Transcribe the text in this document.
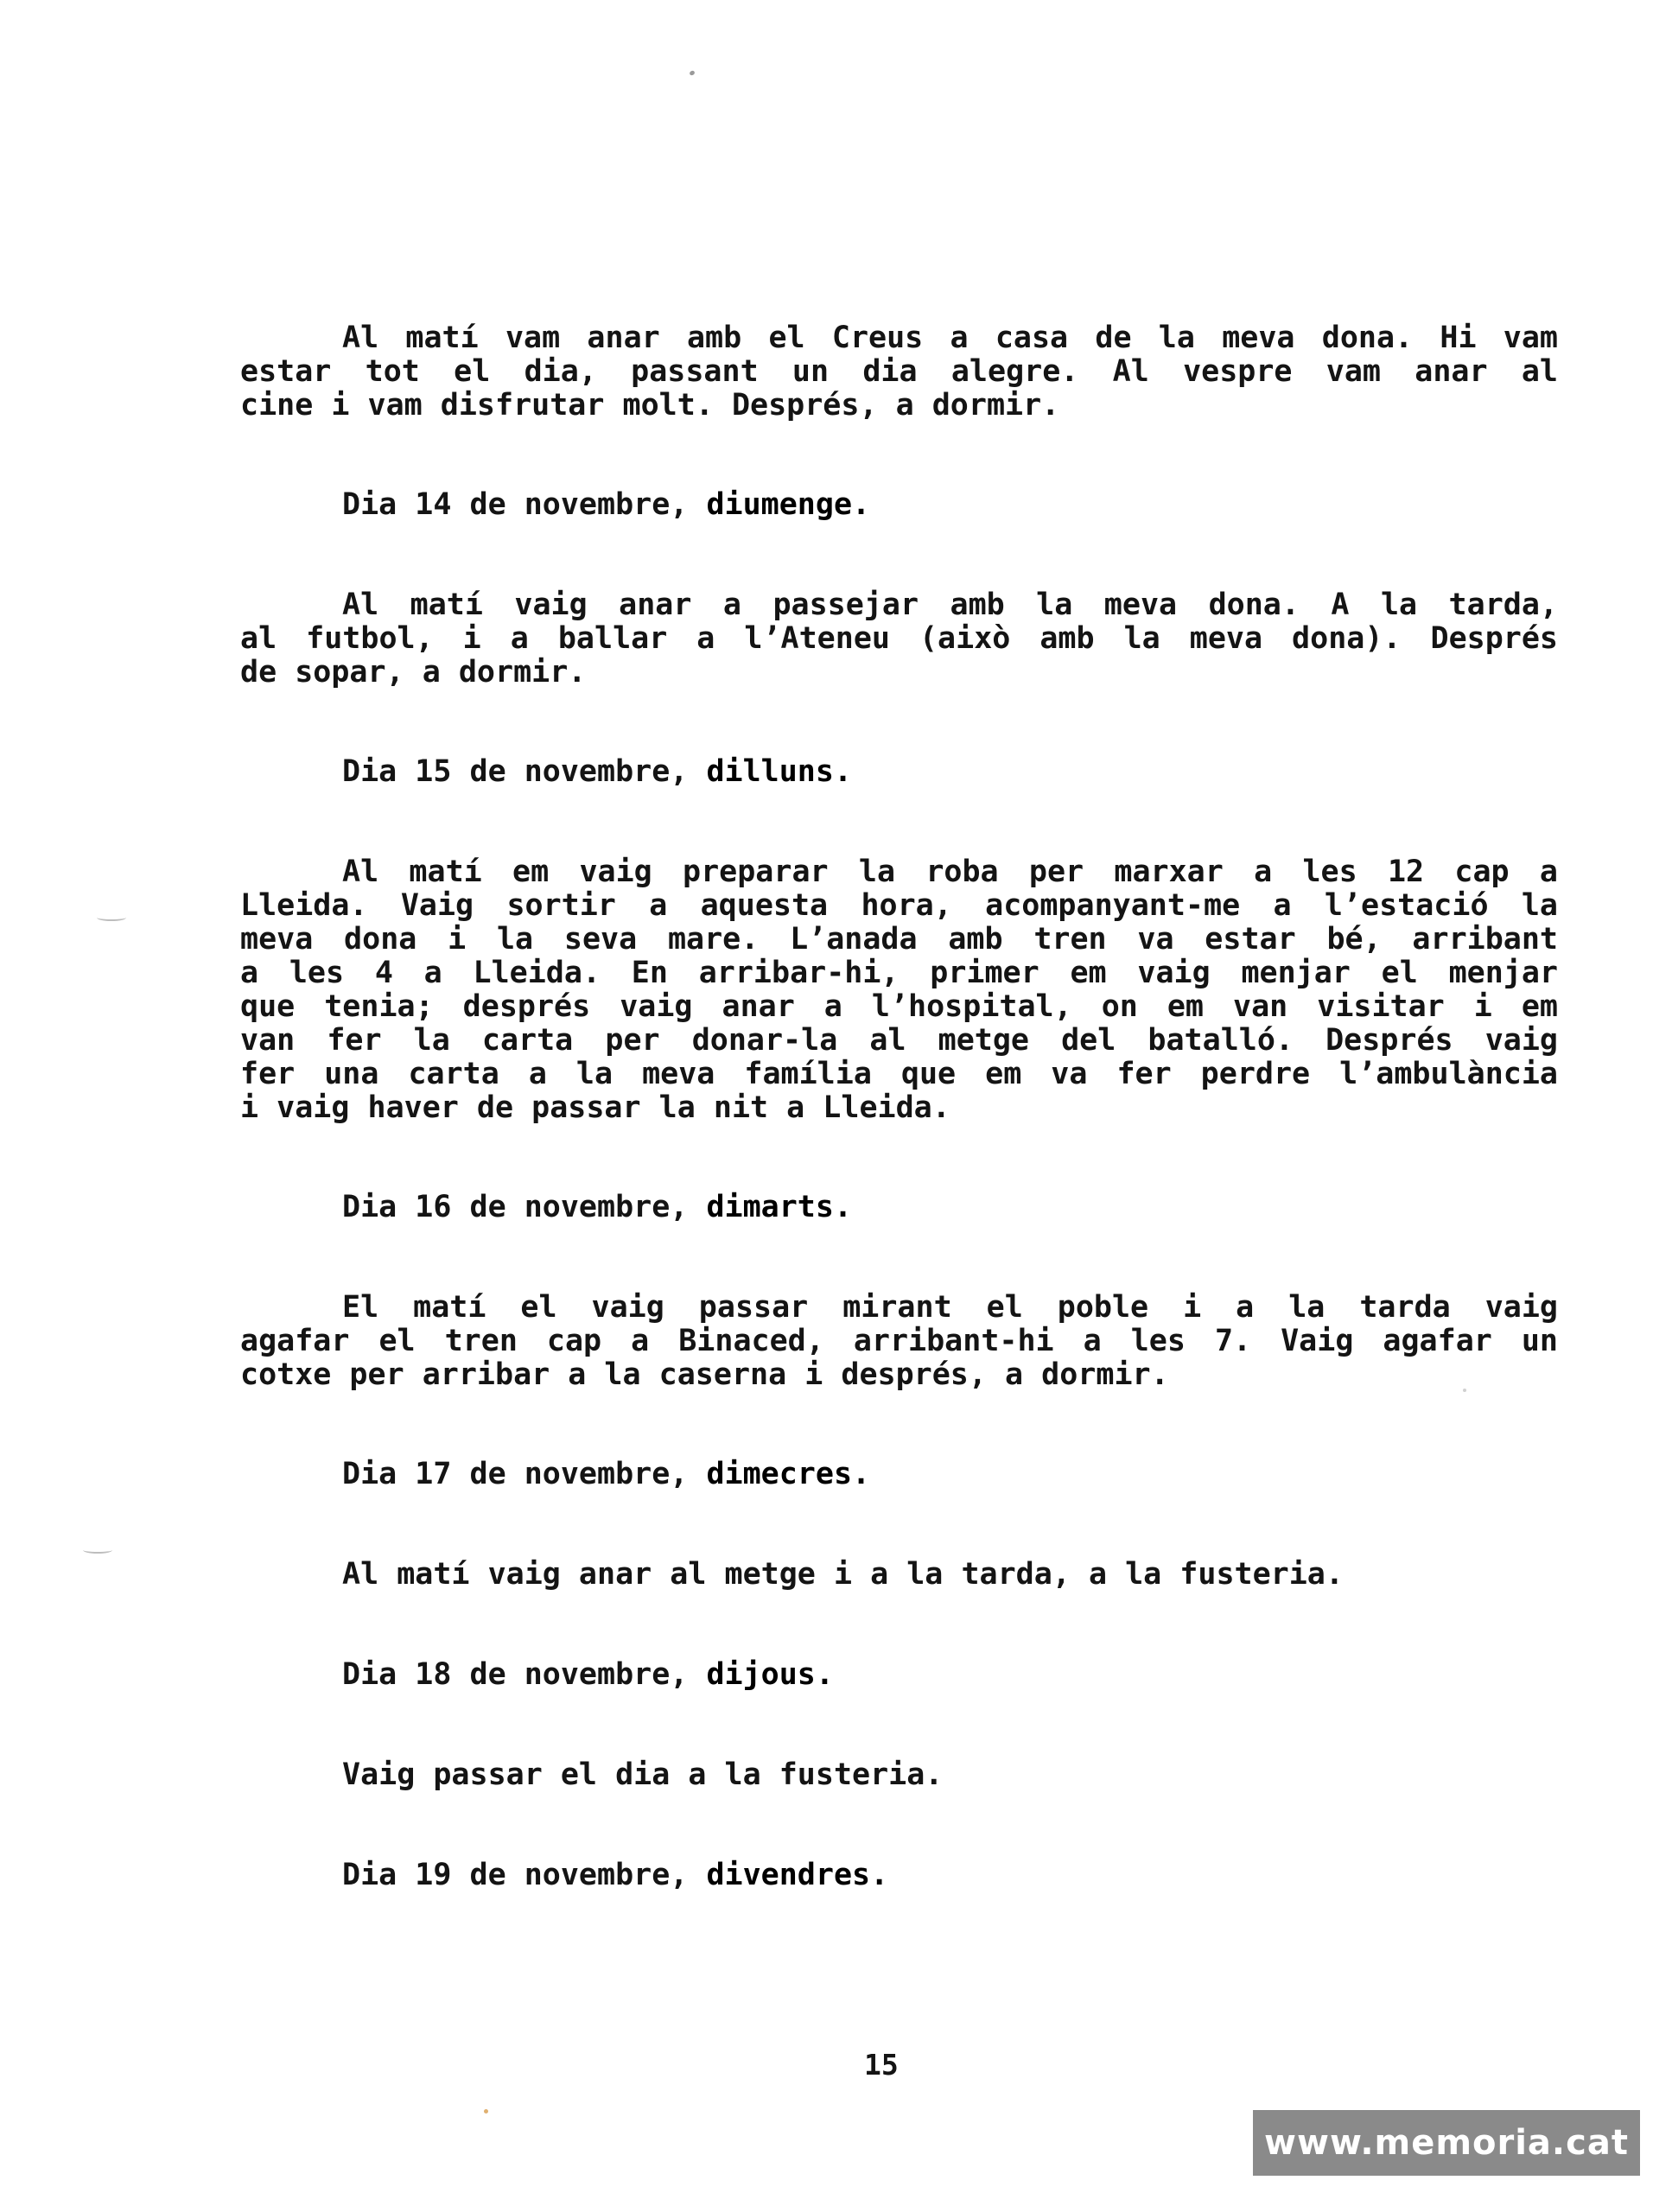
Al matí vam anar amb el Creus a casa de la meva dona. Hi vam
estar tot el dia, passant un dia alegre. Al vespre vam anar al
cine i vam disfrutar molt. Després, a dormir.

Dia 14 de novembre, diumenge.

Al matí vaig anar a passejar amb la meva dona. A la tarda,
al futbol, i a ballar a l’Ateneu (això amb la meva dona). Després
de sopar, a dormir.

Dia 15 de novembre, dilluns.

Al matí em vaig preparar la roba per marxar a les 12 cap a
Lleida. Vaig sortir a aquesta hora, acompanyant-me a l’estació la
meva dona i la seva mare. L’anada amb tren va estar bé, arribant
a les 4 a Lleida. En arribar-hi, primer em vaig menjar el menjar
que tenia; després vaig anar a l’hospital, on em van visitar i em
van fer la carta per donar-la al metge del batalló. Després vaig
fer una carta a la meva família que em va fer perdre l’ambulància
i vaig haver de passar la nit a Lleida.

Dia 16 de novembre, dimarts.

El matí el vaig passar mirant el poble i a la tarda vaig
agafar el tren cap a Binaced, arribant-hi a les 7. Vaig agafar un
cotxe per arribar a la caserna i després, a dormir.

Dia 17 de novembre, dimecres.

Al matí vaig anar al metge i a la tarda, a la fusteria.

Dia 18 de novembre, dijous.

Vaig passar el dia a la fusteria.

Dia 19 de novembre, divendres.

15
www.memoria.cat
